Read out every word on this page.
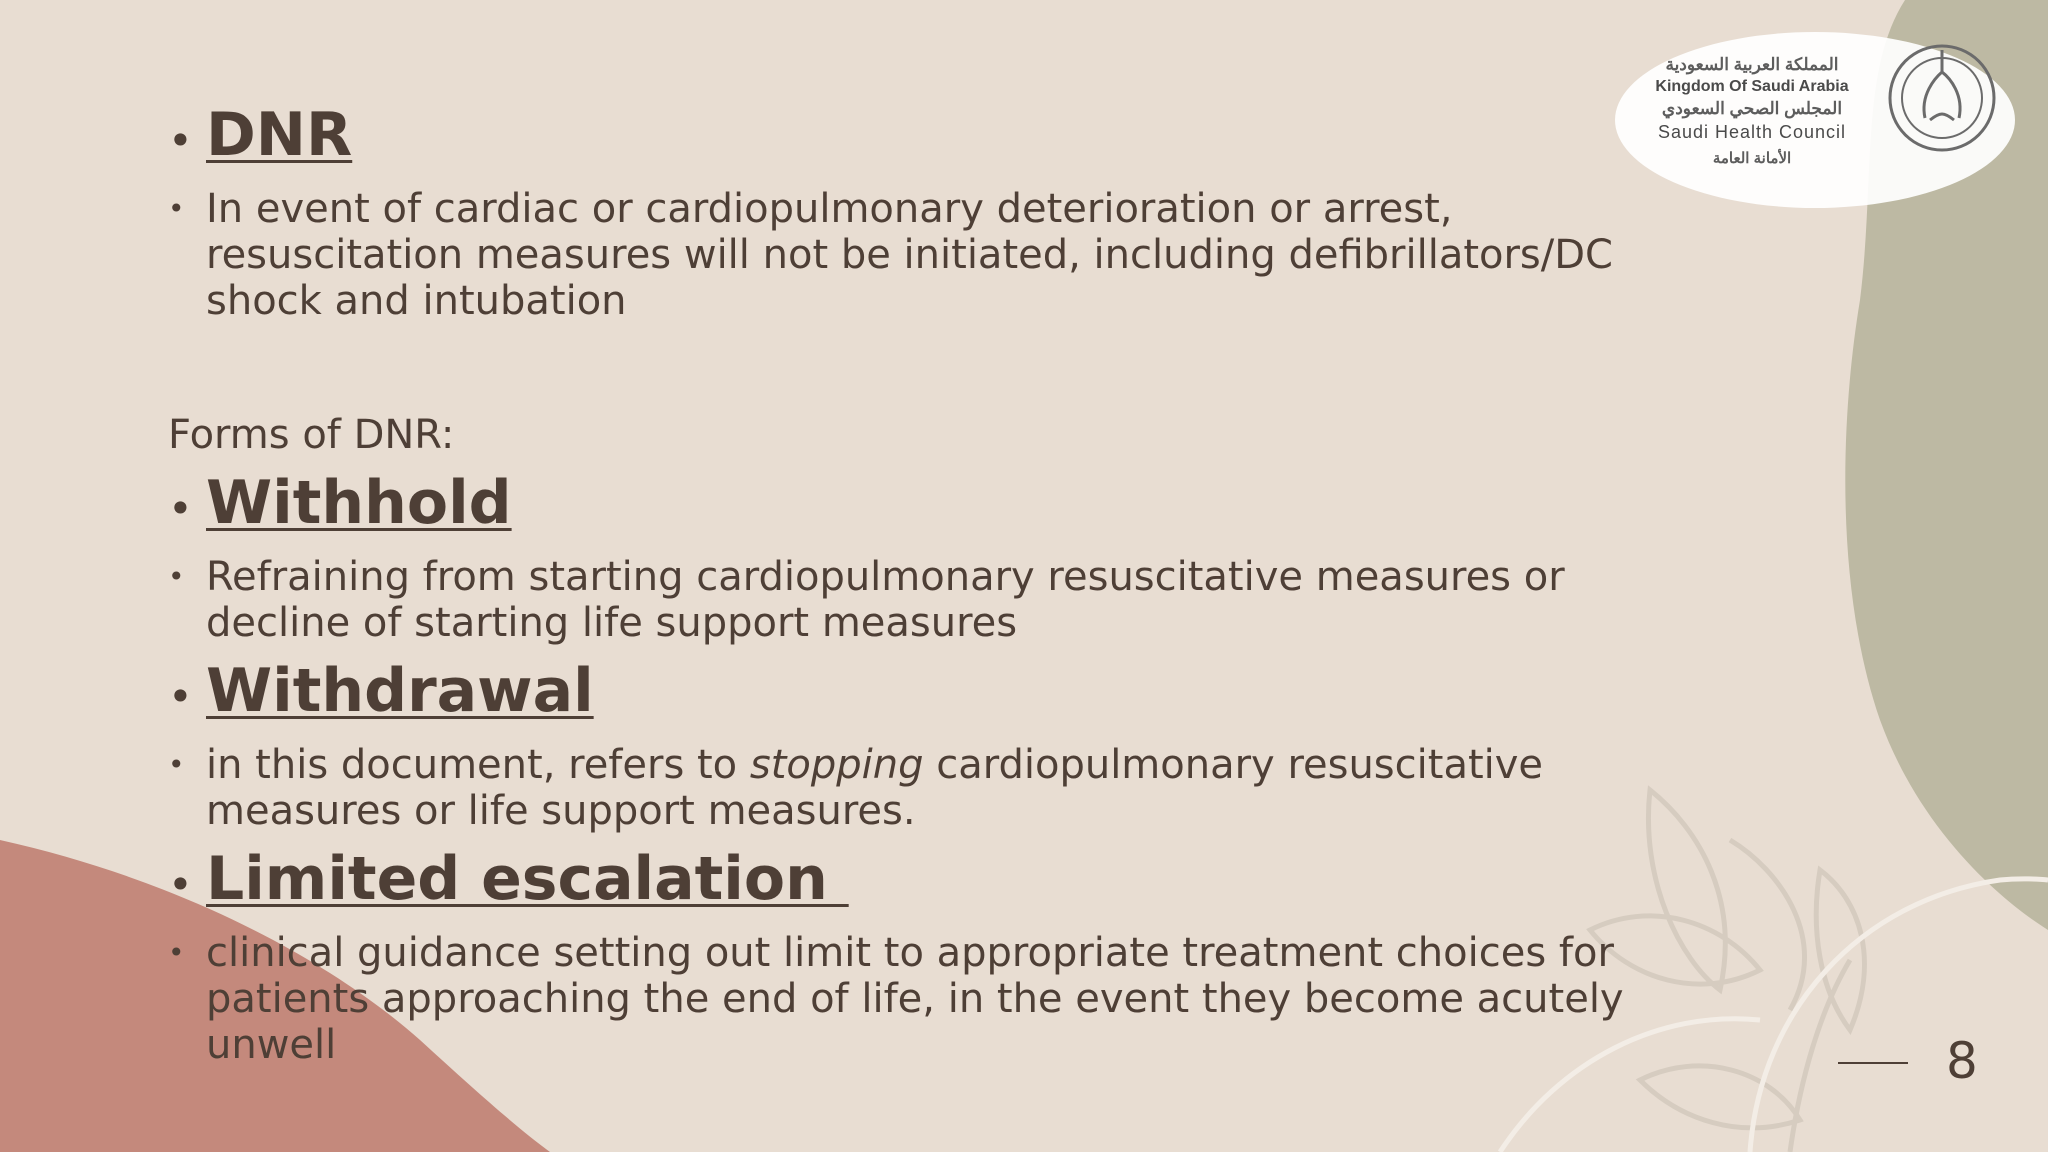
المملكة العربية السعودية
Kingdom Of Saudi Arabia
المجلس الصحي السعودي
Saudi Health Council
الأمانة العامة
• DNR
• In event of cardiac or cardiopulmonary deterioration or arrest, resuscitation measures will not be initiated, including defibrillators/DC shock and intubation

Forms of DNR:

• Withhold
• Refraining from starting cardiopulmonary resuscitative measures or decline of starting life support measures
• Withdrawal
• in this document, refers to stopping cardiopulmonary resuscitative measures or life support measures.
• Limited escalation
• clinical guidance setting out limit to appropriate treatment choices for patients approaching the end of life, in the event they become acutely unwell	8
